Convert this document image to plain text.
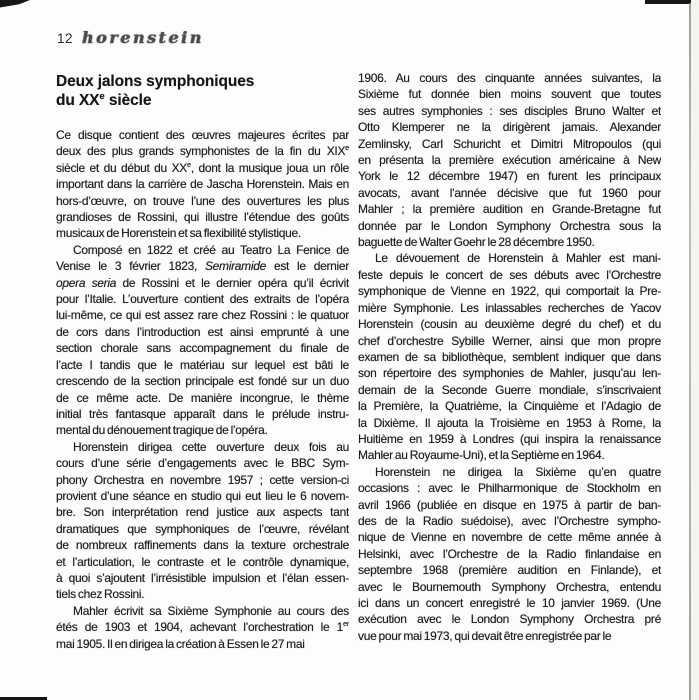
12 horenstein
Deux jalons symphoniques
du XXe siècle
Ce disque contient des œuvres majeures écrites par
deux des plus grands symphonistes de la fin du XIXe
siècle et du début du XXe, dont la musique joua un rôle
important dans la carrière de Jascha Horenstein. Mais en
hors-d’œuvre, on trouve l’une des ouvertures les plus
grandioses de Rossini, qui illustre l’étendue des goûts
musicaux de Horenstein et sa flexibilité stylistique.
Composé en 1822 et créé au Teatro La Fenice de
Venise le 3 février 1823, Semiramide est le dernier
opera seria de Rossini et le dernier opéra qu’il écrivit
pour l’Italie. L’ouverture contient des extraits de l’opéra
lui-même, ce qui est assez rare chez Rossini : le quatuor
de cors dans l’introduction est ainsi emprunté à une
section chorale sans accompagnement du finale de
l’acte I tandis que le matériau sur lequel est bâti le
crescendo de la section principale est fondé sur un duo
de ce même acte. De manière incongrue, le thème
initial très fantasque apparaît dans le prélude instru-
mental du dénouement tragique de l’opéra.
Horenstein dirigea cette ouverture deux fois au
cours d’une série d’engagements avec le BBC Sym-
phony Orchestra en novembre 1957 ; cette version-ci
provient d’une séance en studio qui eut lieu le 6 novem-
bre. Son interprétation rend justice aux aspects tant
dramatiques que symphoniques de l’œuvre, révélant
de nombreux raffinements dans la texture orchestrale
et l’articulation, le contraste et le contrôle dynamique,
à quoi s’ajoutent l’irrésistible impulsion et l’élan essen-
tiels chez Rossini.
Mahler écrivit sa Sixième Symphonie au cours des
étés de 1903 et 1904, achevant l’orchestration le 1er
mai 1905. Il en dirigea la création à Essen le 27 mai
1906. Au cours des cinquante années suivantes, la
Sixième fut donnée bien moins souvent que toutes
ses autres symphonies : ses disciples Bruno Walter et
Otto Klemperer ne la dirigèrent jamais. Alexander
Zemlinsky, Carl Schuricht et Dimitri Mitropoulos (qui
en présenta la première exécution américaine à New
York le 12 décembre 1947) en furent les principaux
avocats, avant l’année décisive que fut 1960 pour
Mahler ; la première audition en Grande-Bretagne fut
donnée par le London Symphony Orchestra sous la
baguette de Walter Goehr le 28 décembre 1950.
Le dévouement de Horenstein à Mahler est mani-
feste depuis le concert de ses débuts avec l’Orchestre
symphonique de Vienne en 1922, qui comportait la Pre-
mière Symphonie. Les inlassables recherches de Yacov
Horenstein (cousin au deuxième degré du chef) et du
chef d’orchestre Sybille Werner, ainsi que mon propre
examen de sa bibliothèque, semblent indiquer que dans
son répertoire des symphonies de Mahler, jusqu’au len-
demain de la Seconde Guerre mondiale, s’inscrivaient
la Première, la Quatrième, la Cinquième et l’Adagio de
la Dixième. Il ajouta la Troisième en 1953 à Rome, la
Huitième en 1959 à Londres (qui inspira la renaissance
Mahler au Royaume-Uni), et la Septième en 1964.
Horenstein ne dirigea la Sixième qu’en quatre
occasions : avec le Philharmonique de Stockholm en
avril 1966 (publiée en disque en 1975 à partir de ban-
des de la Radio suédoise), avec l’Orchestre sympho-
nique de Vienne en novembre de cette même année à
Helsinki, avec l’Orchestre de la Radio finlandaise en
septembre 1968 (première audition en Finlande), et
avec le Bournemouth Symphony Orchestra, entendu
ici dans un concert enregistré le 10 janvier 1969. (Une
exécution avec le London Symphony Orchestra pré
vue pour mai 1973, qui devait être enregistrée par le
